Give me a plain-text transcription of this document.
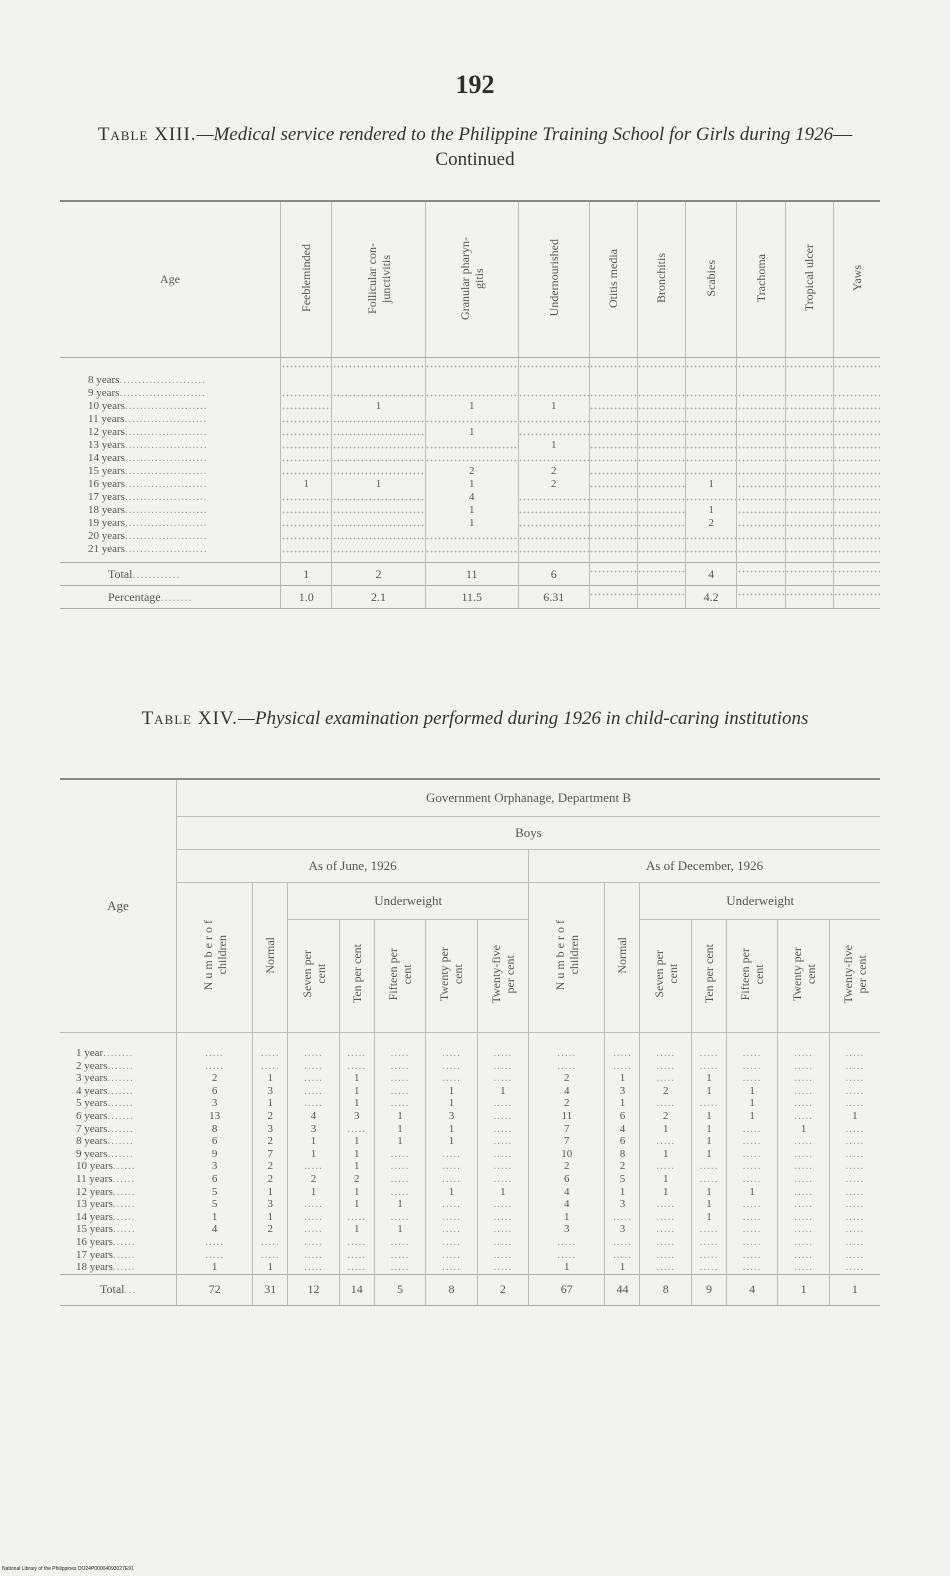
192
Table XIII.—Medical service rendered to the Philippine Training School for Girls during 1926—Continued
Age	Feebleminded	Follicular con-
junctivitis	Granular pharyn-
gitis	Undernourished	Otitis media	Bronchitis	Scabies	Trachoma	Tropical ulcer	Yaws
8 years.......................										
9 years.......................										
10 years......................		1	1	1						
11 years......................										
12 years......................			1							
13 years......................				1						
14 years......................										
15 years......................			2	2						
16 years......................	1	1	1	2			1			
17 years......................			4							
18 years......................			1				1			
19 years......................			1				2			
20 years......................										
21 years......................										
Total............	1	2	11	6			4			
Percentage........	1.0	2.1	11.5	6.31			4.2			
Table XIV.—Physical examination performed during 1926 in child-caring institutions
Age	Government Orphanage, Department B													
	Boys													
	As of June, 1926							As of December, 1926						
	N u m b e r o f
children	Normal	Underweight					N u m b e r o f
children	Normal	Underweight				
			Seven per
cent	Ten per cent	Fifteen per
cent	Twenty per
cent	Twenty-five
per cent			Seven per
cent	Ten per cent	Fifteen per
cent	Twenty per
cent	Twenty-five
per cent
1 year........	.....	.....	.....	.....	.....	.....	.....	.....	.....	.....	.....	.....	.....	.....
2 years.......	.....	.....	.....	.....	.....	.....	.....	.....	.....	.....	.....	.....	.....	.....
3 years.......	2	1	.....	1	.....	.....	.....	2	1	.....	1	.....	.....	.....
4 years.......	6	3	.....	1	.....	1	1	4	3	2	1	1	.....	.....
5 years.......	3	1	.....	1	.....	1	.....	2	1	.....	.....	1	.....	.....
6 years.......	13	2	4	3	1	3	.....	11	6	2	1	1	.....	1
7 years.......	8	3	3	.....	1	1	.....	7	4	1	1	.....	1	.....
8 years.......	6	2	1	1	1	1	.....	7	6	.....	1	.....	.....	.....
9 years.......	9	7	1	1	.....	.....	.....	10	8	1	1	.....	.....	.....
10 years......	3	2	.....	1	.....	.....	.....	2	2	.....	.....	.....	.....	.....
11 years......	6	2	2	2	.....	.....	.....	6	5	1	.....	.....	.....	.....
12 years......	5	1	1	1	.....	1	1	4	1	1	1	1	.....	.....
13 years......	5	3	.....	1	1	.....	.....	4	3	.....	1	.....	.....	.....
14 years......	1	1	.....	.....	.....	.....	.....	1	.....	.....	1	.....	.....	.....
15 years......	4	2	.....	1	1	.....	.....	3	3	.....	.....	.....	.....	.....
16 years......	.....	.....	.....	.....	.....	.....	.....	.....	.....	.....	.....	.....	.....	.....
17 years......	.....	.....	.....	.....	.....	.....	.....	.....	.....	.....	.....	.....	.....	.....
18 years......	1	1	.....	.....	.....	.....	.....	1	1	.....	.....	.....	.....	.....
Total...	72	31	12	14	5	8	2	67	44	8	9	4	1	1
National Library of the Philippines DO24P00004093027E91
